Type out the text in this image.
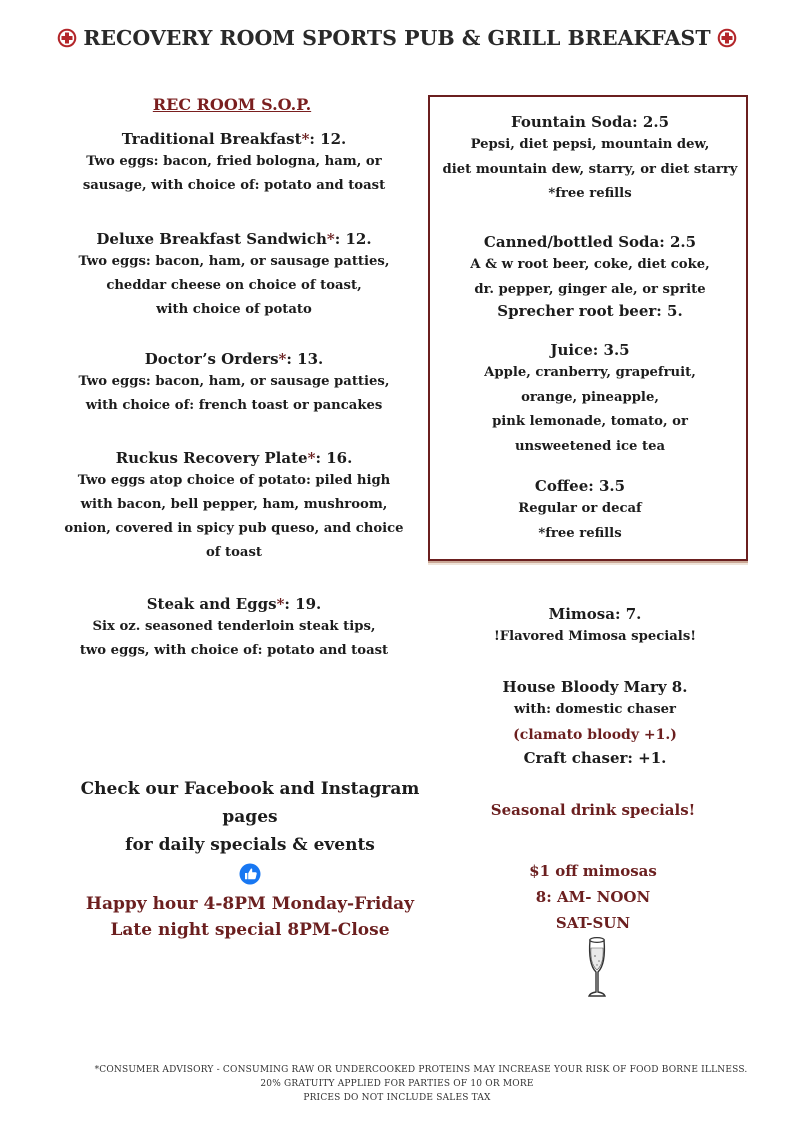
RECOVERY ROOM SPORTS PUB & GRILL BREAKFAST
REC ROOM S.O.P.
Traditional Breakfast*: 12.
Two eggs: bacon, fried bologna, ham, or
sausage, with choice of: potato and toast
Deluxe Breakfast Sandwich*: 12.
Two eggs: bacon, ham, or sausage patties,
cheddar cheese on choice of toast,
with choice of potato
Doctor’s Orders*: 13.
Two eggs: bacon, ham, or sausage patties,
with choice of: french toast or pancakes
Ruckus Recovery Plate*: 16.
Two eggs atop choice of potato: piled high
with bacon, bell pepper, ham, mushroom,
onion, covered in spicy pub queso, and choice
of toast
Steak and Eggs*: 19.
Six oz. seasoned tenderloin steak tips,
two eggs, with choice of: potato and toast
Check our Facebook and Instagram pages
for daily specials & events
Happy hour 4-8PM Monday-Friday
Late night special 8PM-Close
Fountain Soda: 2.5
Pepsi, diet pepsi, mountain dew,
diet mountain dew, starry, or diet starry
*free refills
Canned/bottled Soda: 2.5
A & w root beer, coke, diet coke,
dr. pepper, ginger ale, or sprite
Sprecher root beer: 5.
Juice: 3.5
Apple, cranberry, grapefruit,
orange, pineapple,
pink lemonade, tomato, or
unsweetened ice tea
Coffee: 3.5
Regular or decaf
*free refills
Mimosa: 7.
!Flavored Mimosa specials!
House Bloody Mary 8.
with: domestic chaser
(clamato bloody +1.)
Craft chaser: +1.
Seasonal drink specials!
$1 off mimosas
8: AM- NOON
SAT-SUN
*CONSUMER ADVISORY - CONSUMING RAW OR UNDERCOOKED PROTEINS MAY INCREASE YOUR RISK OF FOOD BORNE ILLNESS.
20% GRATUITY APPLIED FOR PARTIES OF 10 OR MORE
PRICES DO NOT INCLUDE SALES TAX
